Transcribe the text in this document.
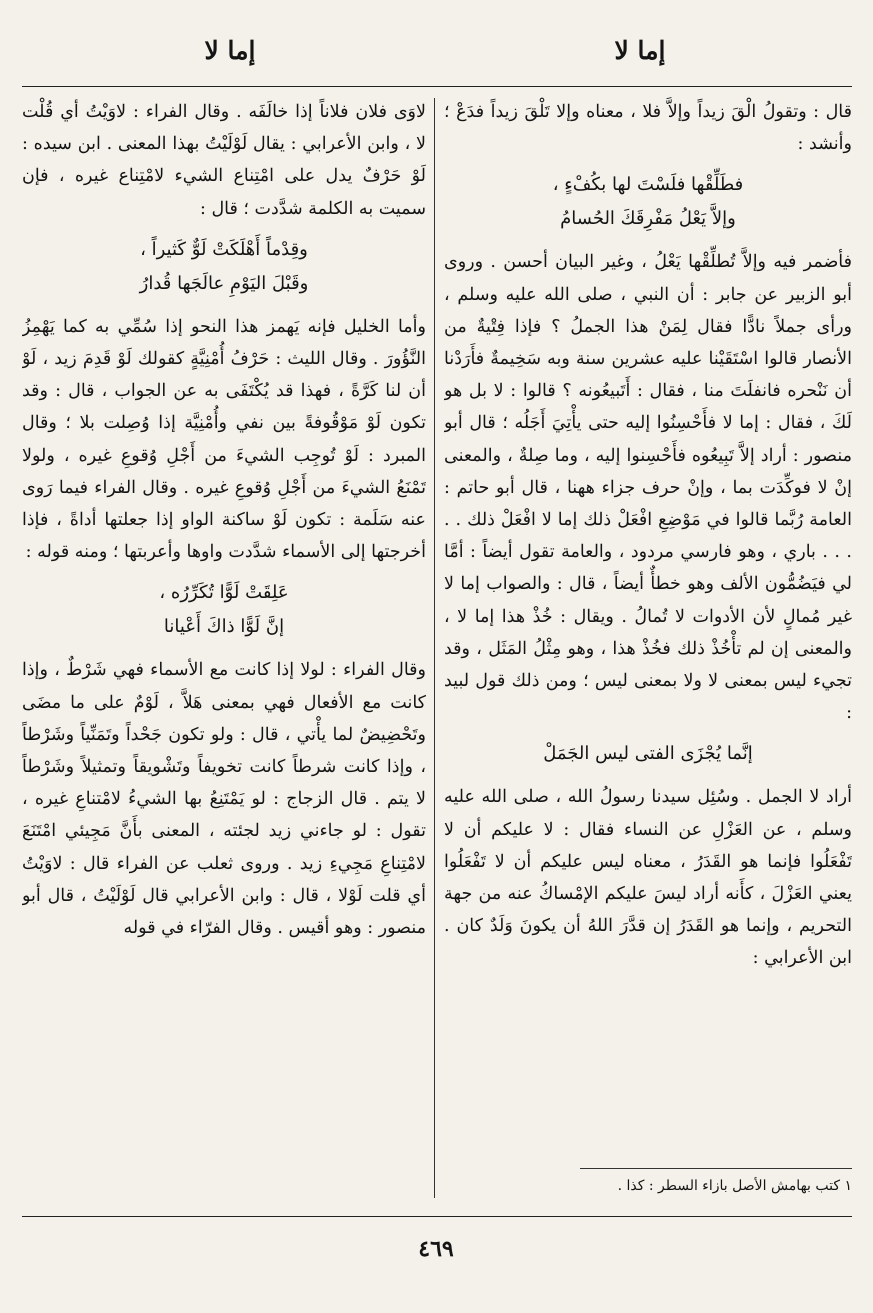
إما لا
إما لا

قال : وتقولُ الْقَ زيداً وإلاَّ فلا ، معناه وإلا تَلْقَ زيداً فدَعْ ؛ وأنشد :

فطَلِّقْها فلَسْتَ لها بكُفْءٍ ،
وإلاَّ يَعْلُ مَفْرِقَكَ الحُسامُ

فأضمر فيه وإلاَّ تُطلِّقْها يَعْلُ ، وغير البيان أحسن . وروى أبو الزبير عن جابر : أن النبي ، صلى الله عليه وسلم ، ورأى جملاً نادًّا فقال لِمَنْ هذا الجملُ ؟ فإذا فِتْيةٌ من الأنصار قالوا اسْتَقَيْنا عليه عشرين سنة وبه سَخِيمةٌ فأَرَدْنا أن نَنْحره فانفلَتَ منا ، فقال : أَتَبيعُونه ؟ قالوا : لا بل هو لَكَ ، فقال : إما لا فأَحْسِنُوا إليه حتى يأْتِيَ أَجَلُه ؛ قال أبو منصور : أراد إلاَّ تَبِيعُوه فأَحْسِنوا إليه ، وما صِلةٌ ، والمعنى إنْ لا فوكِّدَت بما ، وإنْ حرف جزاء ههنا ، قال أبو حاتم : العامة رُبَّما قالوا في مَوْضِعِ افْعَلْ ذلك إما لا افْعَلْ ذلك . . . . . باري ، وهو فارسي مردود ، والعامة تقول أيضاً : أمَّا لي فيَضُمُّون الألف وهو خطأٌ أيضاً ، قال : والصواب إما لا غير مُمالٍ لأن الأدوات لا تُمالُ . ويقال : خُذْ هذا إما لا ، والمعنى إن لم تأْخُذْ ذلك فخُذْ هذا ، وهو مِثْلُ المَثَل ، وقد تجيء ليس بمعنى لا ولا بمعنى ليس ؛ ومن ذلك قول لبيد :

إنَّما يُجْزَى الفتى ليس الجَمَلْ

أراد لا الجمل . وسُئِل سيدنا رسولُ الله ، صلى الله عليه وسلم ، عن العَزْلِ عن النساء فقال : لا عليكم أن لا تَفْعَلُوا فإنما هو القَدَرُ ، معناه ليس عليكم أن لا تَفْعَلُوا يعني العَزْلَ ، كأَنه أراد ليسَ عليكم الإمْساكُ عنه من جهة التحريم ، وإنما هو القَدَرُ إن قدَّرَ اللهُ أن يكونَ وَلَدٌ كان . ابن الأعرابي :

لاوَى فلان فلاناً إذا خالَفَه . وقال الفراء : لاوَيْتُ أي قُلْت لا ، وابن الأعرابي : يقال لَوْلَيْتُ بهذا المعنى . ابن سيده : لَوْ حَرْفٌ يدل على امْتِناع الشيء لامْتِناع غيره ، فإن سميت به الكلمة شدَّدت ؛ قال :

وقِدْماً أَهْلَكَتْ لَوٌّ كَثيراً ،
وقَبْلَ اليَوْمِ عالَجَها قُدارُ

وأما الخليل فإنه يَهمز هذا النحو إذا سُمِّي به كما يَهْمِزُ النَّؤُورَ . وقال الليث : حَرْفُ أُمْنِيَّةٍ كقولك لَوْ قَدِمَ زيد ، لَوْ أن لنا كَرَّةً ، فهذا قد يُكْتَفَى به عن الجواب ، قال : وقد تكون لَوْ مَوْقُوفةً بين نفي وأُمْنِيَّة إذا وُصِلت بلا ؛ وقال المبرد : لَوْ تُوجِب الشيءَ من أَجْلِ وُقوعِ غيره ، ولولا تَمْنَعُ الشيءَ من أَجْلِ وُقوعِ غيره . وقال الفراء فيما رَوى عنه سَلَمة : تكون لَوْ ساكنة الواو إذا جعلتها أداةً ، فإذا أخرجتها إلى الأسماء شدَّدت واوها وأعربتها ؛ ومنه قوله :

عَلِقَتْ لَوًّا تُكَرِّرُه ،
إنَّ لَوًّا ذاكَ أَعْيانا

وقال الفراء : لولا إذا كانت مع الأسماء فهي شَرْطٌ ، وإذا كانت مع الأفعال فهي بمعنى هَلاَّ ، لَوْمٌ على ما مضَى وتَحْضِيضٌ لما يأْتي ، قال : ولو تكون جَحْداً وتَمَنِّياً وشَرْطاً ، وإذا كانت شرطاً كانت تخويفاً وتَشْويقاً وتمثيلاً وشَرْطاً لا يتم . قال الزجاج : لو يَمْتَنِعُ بها الشيءُ لامْتناعِ غيره ، تقول : لو جاءني زيد لجئته ، المعنى بأَنَّ مَجِيئي امْتَنَعَ لامْتِناعِ مَجِيءِ زيد . وروى ثعلب عن الفراء قال : لاوَيْتُ أي قلت لَوْلا ، قال : وابن الأعرابي قال لَوْلَيْتُ ، قال أبو منصور : وهو أقيس . وقال الفرّاء في قوله

١ كتب بهامش الأصل بازاء السطر : كذا .
٤٦٩
